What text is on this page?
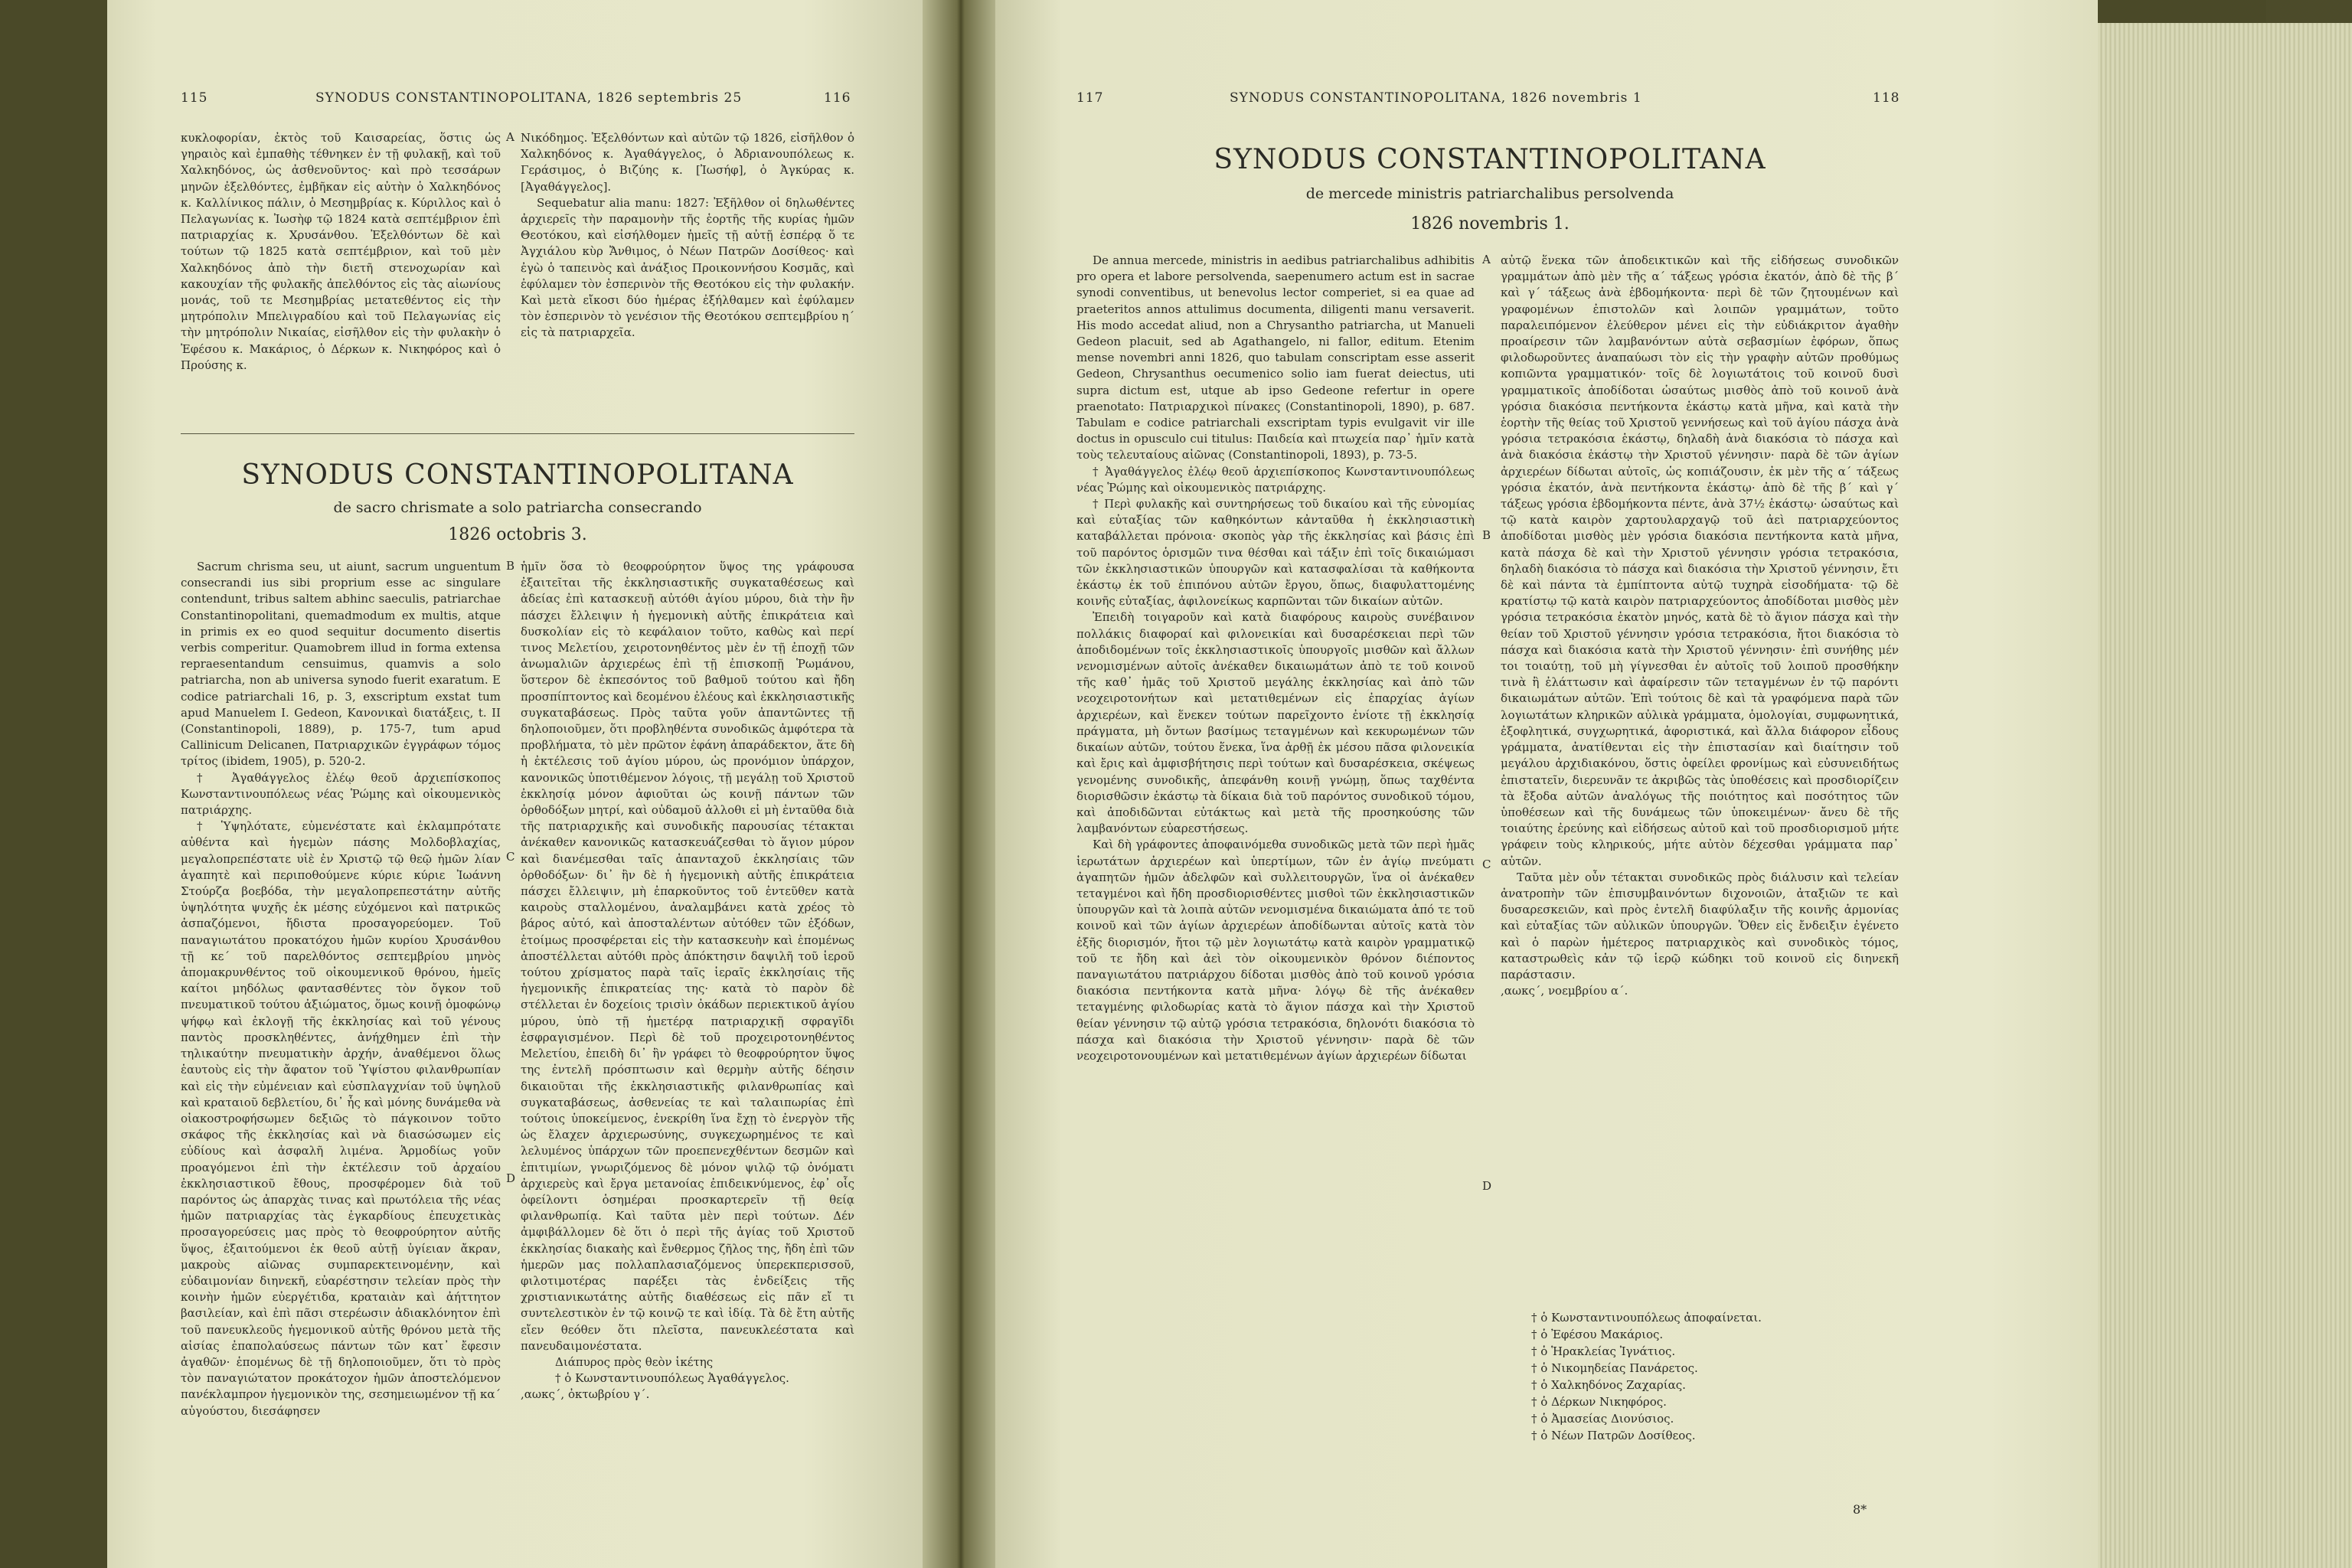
115	SYNODUS CONSTANTINOPOLITANA, 1826 septembris 25	116

κυκλοφορίαν, ἐκτὸς τοῦ Καισαρείας, ὅστις ὡς γηραιὸς καὶ ἐμπαθὴς τέθνηκεν ἐν τῇ φυλακῇ, καὶ τοῦ Χαλκηδόνος, ὡς ἀσθενοῦντος· καὶ πρὸ τεσσάρων μηνῶν ἐξελθόντες, ἐμβῆκαν εἰς αὐτὴν ὁ Χαλκηδόνος κ. Καλλίνικος πάλιν, ὁ Μεσημβρίας κ. Κύριλλος καὶ ὁ Πελαγωνίας κ. Ἰωσὴφ τῷ 1824 κατὰ σεπτέμβριον ἐπὶ πατριαρχίας κ. Χρυσάνθου. Ἐξελθόντων δὲ καὶ τούτων τῷ 1825 κατὰ σεπτέμβριον, καὶ τοῦ μὲν Χαλκηδόνος ἀπὸ τὴν διετῆ στενοχωρίαν καὶ κακουχίαν τῆς φυλακῆς ἀπελθόντος εἰς τὰς αἰωνίους μονάς, τοῦ τε Μεσημβρίας μετατεθέντος εἰς τὴν μητρόπολιν Μπελιγραδίου καὶ τοῦ Πελαγωνίας εἰς τὴν μητρόπολιν Νικαίας, εἰσῆλθον εἰς τὴν φυλακὴν ὁ Ἐφέσου κ. Μακάριος, ὁ Δέρκων κ. Νικηφόρος καὶ ὁ Προύσης κ.

A Νικόδημος. Ἐξελθόντων καὶ αὐτῶν τῷ 1826, εἰσῆλθον ὁ Χαλκηδόνος κ. Ἀγαθάγγελος, ὁ Ἀδριανουπόλεως κ. Γεράσιμος, ὁ Βιζύης κ. [Ἰωσήφ], ὁ Ἀγκύρας κ. [Ἀγαθάγγελος].

Sequebatur alia manu: 1827: Ἐξῆλθον οἱ δηλωθέντες ἀρχιερεῖς τὴν παραμονὴν τῆς ἑορτῆς τῆς κυρίας ἡμῶν Θεοτόκου, καὶ εἰσήλθομεν ἡμεῖς τῇ αὐτῇ ἑσπέρᾳ ὅ τε Ἀγχιάλου κὺρ Ἄνθιμος, ὁ Νέων Πατρῶν Δοσίθεος· καὶ ἐγὼ ὁ ταπεινὸς καὶ ἀνάξιος Προικοννήσου Κοσμᾶς, καὶ ἐφύλαμεν τὸν ἑσπερινὸν τῆς Θεοτόκου εἰς τὴν φυλακήν. Καὶ μετὰ εἴκοσι δύο ἡμέρας ἐξήλθαμεν καὶ ἐφύλαμεν τὸν ἑσπερινὸν τὸ γενέσιον τῆς Θεοτόκου σεπτεμβρίου η΄ εἰς τὰ πατριαρχεῖα.

SYNODUS CONSTANTINOPOLITANA
de sacro chrismate a solo patriarcha consecrando
1826 octobris 3.

Sacrum chrisma seu, ut aiunt, sacrum unguentum consecrandi ius sibi proprium esse ac singulare contendunt, tribus saltem abhinc saeculis, patriarchae Constantinopolitani, quemadmodum ex multis, atque in primis ex eo quod sequitur documento disertis verbis comperitur. Quamobrem illud in forma extensa repraesentandum censuimus, quamvis a solo patriarcha, non ab universa synodo fuerit exaratum. E codice patriarchali 16, p. 3, exscriptum exstat tum apud Manuelem I. Gedeon, Κανονικαὶ διατάξεις, t. II (Constantinopoli, 1889), p. 175-7, tum apud Callinicum Delicanen, Πατριαρχικῶν ἐγγράφων τόμος τρίτος (ibidem, 1905), p. 520-2.

† Ἀγαθάγγελος ἐλέῳ θεοῦ ἀρχιεπίσκοπος Κωνσταντινουπόλεως νέας Ῥώμης καὶ οἰκουμενικὸς πατριάρχης.

† Ὑψηλότατε, εὐμενέστατε καὶ ἐκλαμπρότατε αὐθέντα καὶ ἡγεμὼν πάσης Μολδοβλαχίας, μεγαλοπρεπέστατε υἱὲ ἐν Χριστῷ τῷ θεῷ ἡμῶν λίαν ἀγαπητὲ καὶ περιποθούμενε κύριε κύριε Ἰωάννη Στούρζα βοεβόδα, τὴν μεγαλοπρεπεστάτην αὐτῆς ὑψηλότητα ψυχῆς ἐκ μέσης εὐχόμενοι καὶ πατρικῶς ἀσπαζόμενοι, ἥδιστα προσαγορεύομεν. Τοῦ παναγιωτάτου προκατόχου ἡμῶν κυρίου Χρυσάνθου τῇ κε΄ τοῦ παρελθόντος σεπτεμβρίου μηνὸς ἀπομακρυνθέντος τοῦ οἰκουμενικοῦ θρόνου, ἡμεῖς καίτοι μηδόλως φαντασθέντες τὸν ὄγκον τοῦ πνευματικοῦ τούτου ἀξιώματος, ὅμως κοινῇ ὁμοφώνῳ ψήφῳ καὶ ἐκλογῇ τῆς ἐκκλησίας καὶ τοῦ γένους παντὸς προσκληθέντες, ἀνήχθημεν ἐπὶ τὴν τηλικαύτην πνευματικὴν ἀρχήν, ἀναθέμενοι ὅλως ἑαυτοὺς εἰς τὴν ἄφατον τοῦ Ὑψίστου φιλανθρωπίαν καὶ εἰς τὴν εὐμένειαν καὶ εὐσπλαγχνίαν τοῦ ὑψηλοῦ καὶ κραταιοῦ δεβλετίου, δι᾽ ἧς καὶ μόνης δυνάμεθα νὰ οἰακοστροφήσωμεν δεξιῶς τὸ πάγκοινον τοῦτο σκάφος τῆς ἐκκλησίας καὶ νὰ διασώσωμεν εἰς εὐδίους καὶ ἀσφαλῆ λιμένα. Ἁρμοδίως γοῦν προαγόμενοι ἐπὶ τὴν ἐκτέλεσιν τοῦ ἀρχαίου ἐκκλησιαστικοῦ ἔθους, προσφέρομεν διὰ τοῦ παρόντος ὡς ἀπαρχὰς τινας καὶ πρωτόλεια τῆς νέας ἡμῶν πατριαρχίας τὰς ἐγκαρδίους ἐπευχετικὰς προσαγορεύσεις μας πρὸς τὸ θεοφρούρητον αὐτῆς ὕψος, ἐξαιτούμενοι ἐκ θεοῦ αὐτῇ ὑγίειαν ἄκραν, μακροὺς αἰῶνας συμπαρεκτεινομένην, καὶ εὐδαιμονίαν διηνεκῆ, εὐαρέστησιν τελείαν πρὸς τὴν κοινὴν ἡμῶν εὐεργέτιδα, κραταιὰν καὶ ἀήττητον βασιλείαν, καὶ ἐπὶ πᾶσι στερέωσιν ἀδιακλόνητον ἐπὶ τοῦ πανευκλεοῦς ἡγεμονικοῦ αὐτῆς θρόνου μετὰ τῆς αἰσίας ἐπαπολαύσεως πάντων τῶν κατ᾽ ἔφεσιν ἀγαθῶν· ἑπομένως δὲ τῇ δηλοποιοῦμεν, ὅτι τὸ πρὸς τὸν παναγιώτατον προκάτοχον ἡμῶν ἀποστελόμενον πανέκλαμπρον ἡγεμονικὸν της, σεσημειωμένον τῇ κα΄ αὐγούστου, διεσάφησεν

B
C
D

ἡμῖν ὅσα τὸ θεοφρούρητον ὕψος της γράφουσα ἐξαιτεῖται τῆς ἐκκλησιαστικῆς συγκαταθέσεως καὶ ἀδείας ἐπὶ κατασκευῇ αὐτόθι ἁγίου μύρου, διὰ τὴν ἣν πάσχει ἔλλειψιν ἡ ἡγεμονικὴ αὐτῆς ἐπικράτεια καὶ δυσκολίαν εἰς τὸ κεφάλαιον τοῦτο, καθὼς καὶ περί τινος Μελετίου, χειροτονηθέντος μὲν ἐν τῇ ἐποχῇ τῶν ἀνωμαλιῶν ἀρχιερέως ἐπὶ τῇ ἐπισκοπῇ Ῥωμάνου, ὕστερον δὲ ἐκπεσόντος τοῦ βαθμοῦ τούτου καὶ ἤδη προσπίπτοντος καὶ δεομένου ἐλέους καὶ ἐκκλησιαστικῆς συγκαταβάσεως. Πρὸς ταῦτα γοῦν ἀπαντῶντες τῇ δηλοποιοῦμεν, ὅτι προβληθέντα συνοδικῶς ἀμφότερα τὰ προβλήματα, τὸ μὲν πρῶτον ἐφάνη ἀπαράδεκτον, ἅτε δὴ ἡ ἐκτέλεσις τοῦ ἁγίου μύρου, ὡς προνόμιον ὑπάρχον, κανονικῶς ὑποτιθέμενον λόγοις, τῇ μεγάλῃ τοῦ Χριστοῦ ἐκκλησίᾳ μόνον ἀφιοῦται ὡς κοινῇ πάντων τῶν ὀρθοδόξων μητρί, καὶ οὐδαμοῦ ἀλλοθι εἰ μὴ ἐνταῦθα διὰ τῆς πατριαρχικῆς καὶ συνοδικῆς παρουσίας τέτακται ἀνέκαθεν κανονικῶς κατασκευάζεσθαι τὸ ἅγιον μύρον καὶ διανέμεσθαι ταῖς ἁπανταχοῦ ἐκκλησίαις τῶν ὀρθοδόξων· δι᾽ ἣν δὲ ἡ ἡγεμονικὴ αὐτῆς ἐπικράτεια πάσχει ἔλλειψιν, μὴ ἐπαρκοῦντος τοῦ ἐντεῦθεν κατὰ καιροὺς σταλλομένου, ἀναλαμβάνει κατὰ χρέος τὸ βάρος αὐτό, καὶ ἀποσταλέντων αὐτόθεν τῶν ἐξόδων, ἑτοίμως προσφέρεται εἰς τὴν κατασκευὴν καὶ ἑπομένως ἀποστέλλεται αὐτόθι πρὸς ἀπόκτησιν δαψιλῆ τοῦ ἱεροῦ τούτου χρίσματος παρὰ ταῖς ἱεραῖς ἐκκλησίαις τῆς ἡγεμονικῆς ἐπικρατείας της· κατὰ τὸ παρὸν δὲ στέλλεται ἐν δοχείοις τρισὶν ὀκάδων περιεκτικοῦ ἁγίου μύρου, ὑπὸ τῇ ἡμετέρᾳ πατριαρχικῇ σφραγῖδι ἐσφραγισμένον. Περὶ δὲ τοῦ προχειροτονηθέντος Μελετίου, ἐπειδὴ δι᾽ ἣν γράφει τὸ θεοφρούρητον ὕψος της ἐντελῆ πρόσπτωσιν καὶ θερμὴν αὐτῆς δέησιν δικαιοῦται τῆς ἐκκλησιαστικῆς φιλανθρωπίας καὶ συγκαταβάσεως, ἀσθενείας τε καὶ ταλαιπωρίας ἐπὶ τούτοις ὑποκείμενος, ἐνεκρίθη ἵνα ἔχῃ τὸ ἐνεργὸν τῆς ὡς ἔλαχεν ἀρχιερωσύνης, συγκεχωρημένος τε καὶ λελυμένος ὑπάρχων τῶν προεπενεχθέντων δεσμῶν καὶ ἐπιτιμίων, γνωριζόμενος δὲ μόνον ψιλῷ τῷ ὀνόματι ἀρχιερεὺς καὶ ἔργα μετανοίας ἐπιδεικνύμενος, ἐφ᾽ οἷς ὀφείλοντι ὁσημέραι προσκαρτερεῖν τῇ θείᾳ φιλανθρωπίᾳ. Καὶ ταῦτα μὲν περὶ τούτων. Δέν ἀμφιβάλλομεν δὲ ὅτι ὁ περὶ τῆς ἁγίας τοῦ Χριστοῦ ἐκκλησίας διακαὴς καὶ ἔνθερμος ζῆλος της, ἤδη ἐπὶ τῶν ἡμερῶν μας πολλαπλασιαζόμενος ὑπερεκπερισσοῦ, φιλοτιμοτέρας παρέξει τὰς ἐνδείξεις τῆς χριστιανικωτάτης αὐτῆς διαθέσεως εἰς πᾶν εἴ τι συντελεστικὸν ἐν τῷ κοινῷ τε καὶ ἰδίᾳ. Τὰ δὲ ἔτη αὐτῆς εἴεν θεόθεν ὅτι πλεῖστα, πανευκλεέστατα καὶ πανευδαιμονέστατα.

Διάπυρος πρὸς θεὸν ἱκέτης

† ὁ Κωνσταντινουπόλεως Ἀγαθάγγελος.

,αωκς΄, ὀκτωβρίου γ΄.

117	SYNODUS CONSTANTINOPOLITANA, 1826 novembris 1	118
SYNODUS CONSTANTINOPOLITANA
de mercede ministris patriarchalibus persolvenda
1826 novembris 1.

De annua mercede, ministris in aedibus patriarchalibus adhibitis pro opera et labore persolvenda, saepenumero actum est in sacrae synodi conventibus, ut benevolus lector comperiet, si ea quae ad praeteritos annos attulimus documenta, diligenti manu versaverit. His modo accedat aliud, non a Chrysantho patriarcha, ut Manueli Gedeon placuit, sed ab Agathangelo, ni fallor, editum. Etenim mense novembri anni 1826, quo tabulam conscriptam esse asserit Gedeon, Chrysanthus oecumenico solio iam fuerat deiectus, uti supra dictum est, utque ab ipso Gedeone refertur in opere praenotato: Πατριαρχικοὶ πίνακες (Constantinopoli, 1890), p. 687. Tabulam e codice patriarchali exscriptam typis evulgavit vir ille doctus in opusculo cui titulus: Παιδεία καὶ πτωχεία παρ᾽ ἡμῖν κατὰ τοὺς τελευταίους αἰῶνας (Constantinopoli, 1893), p. 73-5.

† Ἀγαθάγγελος ἐλέῳ θεοῦ ἀρχιεπίσκοπος Κωνσταντινουπόλεως νέας Ῥώμης καὶ οἰκουμενικὸς πατριάρχης.

† Περὶ φυλακῆς καὶ συντηρήσεως τοῦ δικαίου καὶ τῆς εὐνομίας καὶ εὐταξίας τῶν καθηκόντων κἀνταῦθα ἡ ἐκκλησιαστικὴ καταβάλλεται πρόνοια· σκοπὸς γὰρ τῆς ἐκκλησίας καὶ βάσις ἐπὶ τοῦ παρόντος ὁρισμῶν τινα θέσθαι καὶ τάξιν ἐπὶ τοῖς δικαιώμασι τῶν ἐκκλησιαστικῶν ὑπουργῶν καὶ κατασφαλίσαι τὰ καθήκοντα ἑκάστῳ ἐκ τοῦ ἐπιπόνου αὐτῶν ἔργου, ὅπως, διαφυλαττομένης κοινῆς εὐταξίας, ἀφιλονείκως καρπῶνται τῶν δικαίων αὐτῶν.

Ἐπειδὴ τοιγαροῦν καὶ κατὰ διαφόρους καιροὺς συνέβαινον πολλάκις διαφοραί καὶ φιλονεικίαι καὶ δυσαρέσκειαι περὶ τῶν ἀποδιδομένων τοῖς ἐκκλησιαστικοῖς ὑπουργοῖς μισθῶν καὶ ἄλλων νενομισμένων αὐτοῖς ἀνέκαθεν δικαιωμάτων ἀπὸ τε τοῦ κοινοῦ τῆς καθ᾽ ἡμᾶς τοῦ Χριστοῦ μεγάλης ἐκκλησίας καὶ ἀπὸ τῶν νεοχειροτονήτων καὶ μετατιθεμένων εἰς ἐπαρχίας ἁγίων ἀρχιερέων, καὶ ἕνεκεν τούτων παρεῖχοντο ἐνίοτε τῇ ἐκκλησίᾳ πράγματα, μὴ ὄντων βασίμως τεταγμένων καὶ κεκυρωμένων τῶν δικαίων αὐτῶν, τούτου ἕνεκα, ἵνα ἀρθῇ ἐκ μέσου πᾶσα φιλονεικία καὶ ἔρις καὶ ἀμφισβήτησις περὶ τούτων καὶ δυσαρέσκεια, σκέψεως γενομένης συνοδικῆς, ἀπεφάνθη κοινῇ γνώμῃ, ὅπως ταχθέντα διορισθῶσιν ἑκάστῳ τὰ δίκαια διὰ τοῦ παρόντος συνοδικοῦ τόμου, καὶ ἀποδιδῶνται εὐτάκτως καὶ μετὰ τῆς προσηκούσης τῶν λαμβανόντων εὐαρεστήσεως.

Καὶ δὴ γράφοντες ἀποφαινόμεθα συνοδικῶς μετὰ τῶν περὶ ἡμᾶς ἱερωτάτων ἀρχιερέων καὶ ὑπερτίμων, τῶν ἐν ἁγίῳ πνεύματι ἀγαπητῶν ἡμῶν ἀδελφῶν καὶ συλλειτουργῶν, ἵνα οἱ ἀνέκαθεν τεταγμένοι καὶ ἤδη προσδιορισθέντες μισθοὶ τῶν ἐκκλησιαστικῶν ὑπουργῶν καὶ τὰ λοιπὰ αὐτῶν νενομισμένα δικαιώματα ἀπό τε τοῦ κοινοῦ καὶ τῶν ἁγίων ἀρχιερέων ἀποδίδωνται αὐτοῖς κατὰ τὸν ἑξῆς διορισμόν, ἤτοι τῷ μὲν λογιωτάτῳ κατὰ καιρὸν γραμματικῷ τοῦ τε ἤδη καὶ ἀεὶ τὸν οἰκουμενικὸν θρόνον διέποντος παναγιωτάτου πατριάρχου δίδοται μισθὸς ἀπὸ τοῦ κοινοῦ γρόσια διακόσια πεντήκοντα κατὰ μῆνα· λόγῳ δὲ τῆς ἀνέκαθεν τεταγμένης φιλοδωρίας κατὰ τὸ ἅγιον πάσχα καὶ τὴν Χριστοῦ θείαν γέννησιν τῷ αὐτῷ γρόσια τετρακόσια, δηλονότι διακόσια τὸ πάσχα καὶ διακόσια τὴν Χριστοῦ γέννησιν· παρὰ δὲ τῶν νεοχειροτονουμένων καὶ μετατιθεμένων ἁγίων ἀρχιερέων δίδωται

A
B
C
D

αὐτῷ ἕνεκα τῶν ἀποδεικτικῶν καὶ τῆς εἰδήσεως συνοδικῶν γραμμάτων ἀπὸ μὲν τῆς α΄ τάξεως γρόσια ἑκατόν, ἀπὸ δὲ τῆς β΄ καὶ γ΄ τάξεως ἀνὰ ἑβδομήκοντα· περὶ δὲ τῶν ζητουμένων καὶ γραφομένων ἐπιστολῶν καὶ λοιπῶν γραμμάτων, τοῦτο παραλειπόμενον ἐλεύθερον μένει εἰς τὴν εὐδιάκριτον ἀγαθὴν προαίρεσιν τῶν λαμβανόντων αὐτὰ σεβασμίων ἐφόρων, ὅπως φιλοδωροῦντες ἀναπαύωσι τὸν εἰς τὴν γραφὴν αὐτῶν προθύμως κοπιῶντα γραμματικόν· τοῖς δὲ λογιωτάτοις τοῦ κοινοῦ δυσὶ γραμματικοῖς ἀποδίδοται ὡσαύτως μισθὸς ἀπὸ τοῦ κοινοῦ ἀνὰ γρόσια διακόσια πεντήκοντα ἑκάστῳ κατὰ μῆνα, καὶ κατὰ τὴν ἑορτὴν τῆς θείας τοῦ Χριστοῦ γεννήσεως καὶ τοῦ ἁγίου πάσχα ἀνὰ γρόσια τετρακόσια ἑκάστῳ, δηλαδὴ ἀνὰ διακόσια τὸ πάσχα καὶ ἀνὰ διακόσια ἑκάστῳ τὴν Χριστοῦ γέννησιν· παρὰ δὲ τῶν ἁγίων ἀρχιερέων δίδωται αὐτοῖς, ὡς κοπιάζουσιν, ἐκ μὲν τῆς α΄ τάξεως γρόσια ἑκατόν, ἀνὰ πεντήκοντα ἑκάστῳ· ἀπὸ δὲ τῆς β΄ καὶ γ΄ τάξεως γρόσια ἑβδομήκοντα πέντε, ἀνὰ 37½ ἑκάστῳ· ὡσαύτως καὶ τῷ κατὰ καιρὸν χαρτουλαρχαγῷ τοῦ ἀεὶ πατριαρχεύοντος ἀποδίδοται μισθὸς μὲν γρόσια διακόσια πεντήκοντα κατὰ μῆνα, κατὰ πάσχα δὲ καὶ τὴν Χριστοῦ γέννησιν γρόσια τετρακόσια, δηλαδὴ διακόσια τὸ πάσχα καὶ διακόσια τὴν Χριστοῦ γέννησιν, ἔτι δὲ καὶ πάντα τὰ ἐμπίπτοντα αὐτῷ τυχηρὰ εἰσοδήματα· τῷ δὲ κρατίστῳ τῷ κατὰ καιρὸν πατριαρχεύοντος ἀποδίδοται μισθὸς μὲν γρόσια τετρακόσια ἑκατὸν μηνός, κατὰ δὲ τὸ ἅγιον πάσχα καὶ τὴν θείαν τοῦ Χριστοῦ γέννησιν γρόσια τετρακόσια, ἤτοι διακόσια τὸ πάσχα καὶ διακόσια κατὰ τὴν Χριστοῦ γέννησιν· ἐπὶ συνήθης μέν τοι τοιαύτῃ, τοῦ μὴ γίγνεσθαι ἐν αὐτοῖς τοῦ λοιποῦ προσθήκην τινὰ ἢ ἐλάττωσιν καὶ ἀφαίρεσιν τῶν τεταγμένων ἐν τῷ παρόντι δικαιωμάτων αὐτῶν. Ἐπὶ τούτοις δὲ καὶ τὰ γραφόμενα παρὰ τῶν λογιωτάτων κληρικῶν αὐλικὰ γράμματα, ὁμολογίαι, συμφωνητικά, ἐξοφλητικά, συγχωρητικά, ἀφοριστικά, καὶ ἄλλα διάφορον εἶδους γράμματα, ἀνατίθενται εἰς τὴν ἐπιστασίαν καὶ διαίτησιν τοῦ μεγάλου ἀρχιδιακόνου, ὅστις ὀφείλει φρονίμως καὶ εὐσυνειδήτως ἐπιστατεῖν, διερευνᾶν τε ἀκριβῶς τὰς ὑποθέσεις καὶ προσδιορίζειν τὰ ἔξοδα αὐτῶν ἀναλόγως τῆς ποιότητος καὶ ποσότητος τῶν ὑποθέσεων καὶ τῆς δυνάμεως τῶν ὑποκειμένων· ἄνευ δὲ τῆς τοιαύτης ἐρεύνης καὶ εἰδήσεως αὐτοῦ καὶ τοῦ προσδιορισμοῦ μήτε γράφειν τοὺς κληρικούς, μήτε αὐτὸν δέχεσθαι γράμματα παρ᾽ αὐτῶν.

Ταῦτα μὲν οὖν τέτακται συνοδικῶς πρὸς διάλυσιν καὶ τελείαν ἀνατροπὴν τῶν ἐπισυμβαινόντων διχονοιῶν, ἀταξιῶν τε καὶ δυσαρεσκειῶν, καὶ πρὸς ἐντελῆ διαφύλαξιν τῆς κοινῆς ἁρμονίας καὶ εὐταξίας τῶν αὐλικῶν ὑπουργῶν. Ὅθεν εἰς ἔνδειξιν ἐγένετο καὶ ὁ παρὼν ἡμέτερος πατριαρχικὸς καὶ συνοδικὸς τόμος, καταστρωθεὶς κἀν τῷ ἱερῷ κώδηκι τοῦ κοινοῦ εἰς διηνεκῆ παράστασιν.

,αωκς΄, νοεμβρίου α΄.

† ὁ Κωνσταντινουπόλεως ἀποφαίνεται.
† ὁ Ἐφέσου Μακάριος.
† ὁ Ἡρακλείας Ἰγνάτιος.
† ὁ Νικομηδείας Πανάρετος.
† ὁ Χαλκηδόνος Ζαχαρίας.
† ὁ Δέρκων Νικηφόρος.
† ὁ Ἀμασείας Διονύσιος.
† ὁ Νέων Πατρῶν Δοσίθεος.
8*
